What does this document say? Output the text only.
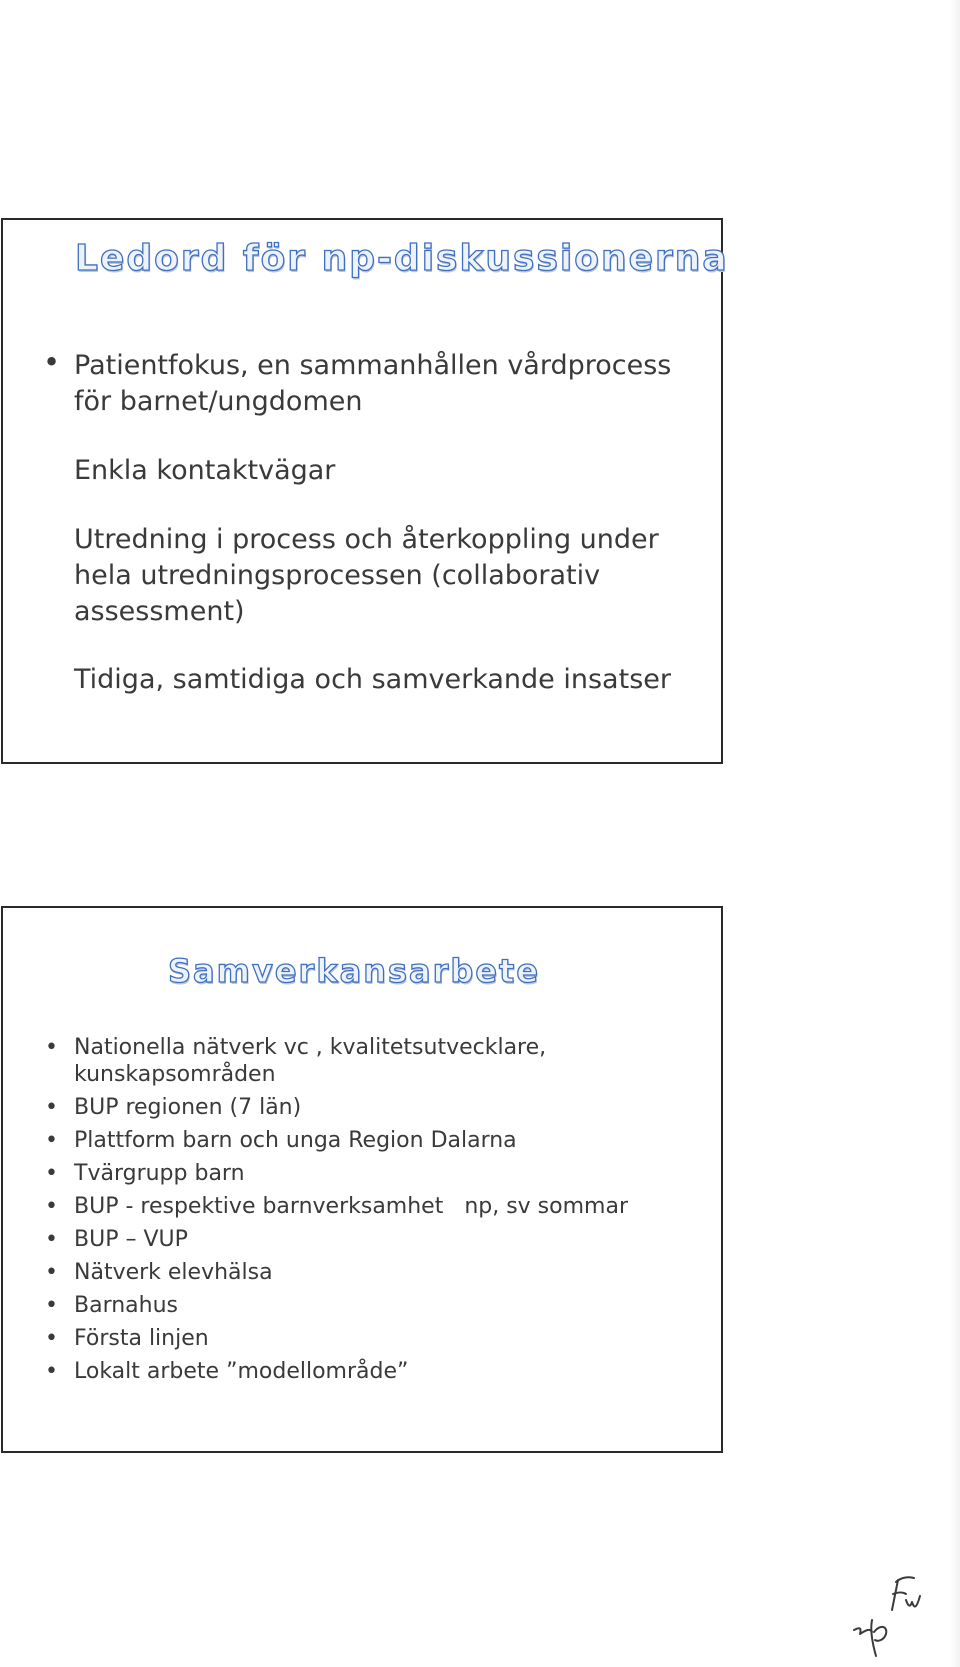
Ledord för np-diskussionerna
• Patientfokus, en sammanhållen vårdprocess för barnet/ungdomen
Enkla kontaktvägar
Utredning i process och återkoppling under hela utredningsprocessen (collaborativ assessment)
Tidiga, samtidiga och samverkande insatser
Samverkansarbete
• Nationella nätverk vc , kvalitetsutvecklare, kunskapsområden
• BUP regionen (7 län)
• Plattform barn och unga Region Dalarna
• Tvärgrupp barn
• BUP - respektive barnverksamhet   np, sv sommar
• BUP – VUP
• Nätverk elevhälsa
• Barnahus
• Första linjen
• Lokalt arbete ”modellområde”
